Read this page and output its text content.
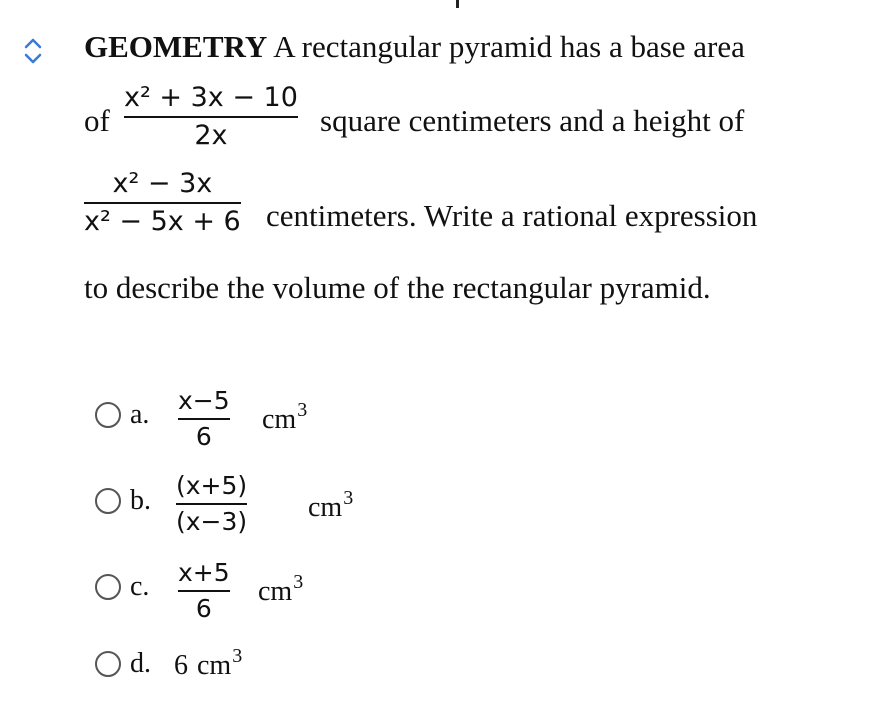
GEOMETRY A rectangular pyramid has a base area
of
x² + 3x − 10
2x	square centimeters and a height of
x² − 3x
x² − 5x + 6 centimeters. Write a rational expression
to describe the volume of the rectangular pyramid.
a. x−5
6
$cm^3$
b. (x+5)
(x−3) $cm^3$
c. x+5
6
$cm^3$
d. 6 $cm^3$
